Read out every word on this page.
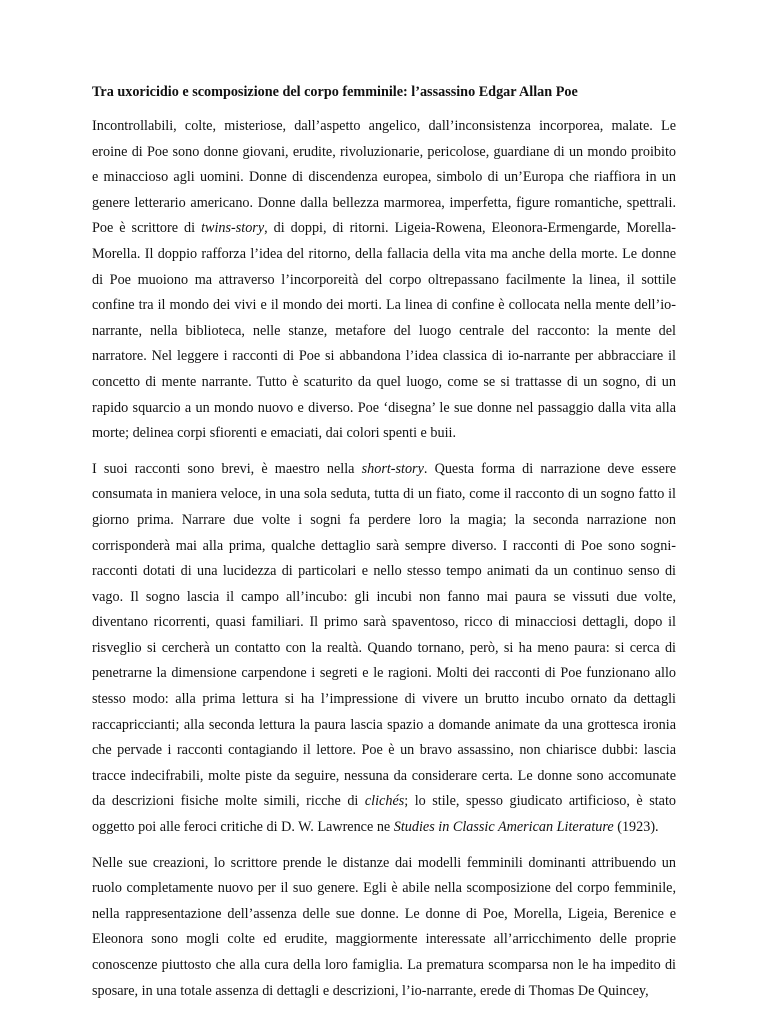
Tra uxoricidio e scomposizione del corpo femminile: l’assassino Edgar Allan Poe

Incontrollabili, colte, misteriose, dall’aspetto angelico, dall’inconsistenza incorporea, malate. Le eroine di Poe sono donne giovani, erudite, rivoluzionarie, pericolose, guardiane di un mondo proibito e minaccioso agli uomini. Donne di discendenza europea, simbolo di un’Europa che riaffiora in un genere letterario americano. Donne dalla bellezza marmorea, imperfetta, figure romantiche, spettrali. Poe è scrittore di twins-story, di doppi, di ritorni. Ligeia-Rowena, Eleonora-Ermengarde, Morella-Morella. Il doppio rafforza l’idea del ritorno, della fallacia della vita ma anche della morte. Le donne di Poe muoiono ma attraverso l’incorporeità del corpo oltrepassano facilmente la linea, il sottile confine tra il mondo dei vivi e il mondo dei morti. La linea di confine è collocata nella mente dell’io-narrante, nella biblioteca, nelle stanze, metafore del luogo centrale del racconto: la mente del narratore. Nel leggere i racconti di Poe si abbandona l’idea classica di io-narrante per abbracciare il concetto di mente narrante. Tutto è scaturito da quel luogo, come se si trattasse di un sogno, di un rapido squarcio a un mondo nuovo e diverso. Poe ‘disegna’ le sue donne nel passaggio dalla vita alla morte; delinea corpi sfiorenti e emaciati, dai colori spenti e buii.

I suoi racconti sono brevi, è maestro nella short-story. Questa forma di narrazione deve essere consumata in maniera veloce, in una sola seduta, tutta di un fiato, come il racconto di un sogno fatto il giorno prima. Narrare due volte i sogni fa perdere loro la magia; la seconda narrazione non corrisponderà mai alla prima, qualche dettaglio sarà sempre diverso. I racconti di Poe sono sogni-racconti dotati di una lucidezza di particolari e nello stesso tempo animati da un continuo senso di vago. Il sogno lascia il campo all’incubo: gli incubi non fanno mai paura se vissuti due volte, diventano ricorrenti, quasi familiari. Il primo sarà spaventoso, ricco di minacciosi dettagli, dopo il risveglio si cercherà un contatto con la realtà. Quando tornano, però, si ha meno paura: si cerca di penetrarne la dimensione carpendone i segreti e le ragioni. Molti dei racconti di Poe funzionano allo stesso modo: alla prima lettura si ha l’impressione di vivere un brutto incubo ornato da dettagli raccapriccianti; alla seconda lettura la paura lascia spazio a domande animate da una grottesca ironia che pervade i racconti contagiando il lettore. Poe è un bravo assassino, non chiarisce dubbi: lascia tracce indecifrabili, molte piste da seguire, nessuna da considerare certa. Le donne sono accomunate da descrizioni fisiche molte simili, ricche di clichés; lo stile, spesso giudicato artificioso, è stato oggetto poi alle feroci critiche di D. W. Lawrence ne Studies in Classic American Literature (1923).

Nelle sue creazioni, lo scrittore prende le distanze dai modelli femminili dominanti attribuendo un ruolo completamente nuovo per il suo genere. Egli è abile nella scomposizione del corpo femminile, nella rappresentazione dell’assenza delle sue donne. Le donne di Poe, Morella, Ligeia, Berenice e Eleonora sono mogli colte ed erudite, maggiormente interessate all’arricchimento delle proprie conoscenze piuttosto che alla cura della loro famiglia. La prematura scomparsa non le ha impedito di sposare, in una totale assenza di dettagli e descrizioni, l’io-narrante, erede di Thomas De Quincey,
